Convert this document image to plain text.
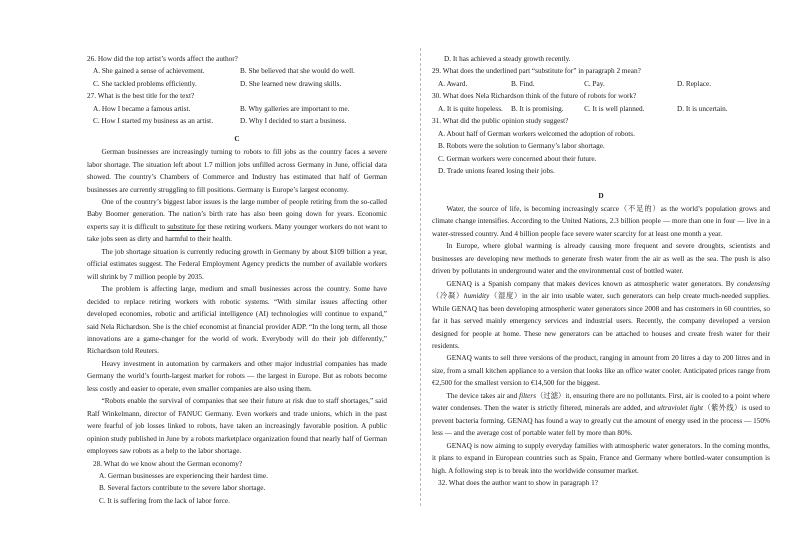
26. How did the top artist’s words affect the author?

A. She gained a sense of achievement.	B. She believed that she would do well.
C. She tackled problems efficiently.	D. She learned new drawing skills.

27. What is the best title for the text?

A. How I became a famous artist.	B. Why galleries are important to me.
C. How I started my business as an artist.	D. Why I decided to start a business.
C

German businesses are increasingly turning to robots to fill jobs as the country faces a severe labor shortage. The situation left about 1.7 million jobs unfilled across Germany in June, official data showed. The country’s Chambers of Commerce and Industry has estimated that half of German businesses are currently struggling to fill positions. Germany is Europe’s largest economy.

One of the country’s biggest labor issues is the large number of people retiring from the so-called Baby Boomer generation. The nation’s birth rate has also been going down for years. Economic experts say it is difficult to substitute for these retiring workers. Many younger workers do not want to take jobs seen as dirty and harmful to their health.

The job shortage situation is currently reducing growth in Germany by about $109 billion a year, official estimates suggest. The Federal Employment Agency predicts the number of available workers will shrink by 7 million people by 2035.

The problem is affecting large, medium and small businesses across the country. Some have decided to replace retiring workers with robotic systems. “With similar issues affecting other developed economies, robotic and artificial intelligence (AI) technologies will continue to expand,” said Nela Richardson. She is the chief economist at financial provider ADP. “In the long term, all those innovations are a game-changer for the world of work. Everybody will do their job differently,” Richardson told Reuters.

Heavy investment in automation by carmakers and other major industrial companies has made Germany the world’s fourth-largest market for robots — the largest in Europe. But as robots become less costly and easier to operate, even smaller companies are also using them.

“Robots enable the survival of companies that see their future at risk due to staff shortages,” said Ralf Winkelmann, director of FANUC Germany. Even workers and trade unions, which in the past were fearful of job losses linked to robots, have taken an increasingly favorable position. A public opinion study published in June by a robots marketplace organization found that nearly half of German employees saw robots as a help to the labor shortage.

28. What do we know about the German economy?

A. German businesses are experiencing their hardest time.

B. Several factors contribute to the severe labor shortage.

C. It is suffering from the lack of labor force.

D. It has achieved a steady growth recently.

29. What does the underlined part “substitute for” in paragraph 2 mean?

A. Award.	B. Find.	C. Pay.	D. Replace.

30. What does Nela Richardson think of the future of robots for work?

A. It is quite hopeless.	B. It is promising.	C. It is well planned.	D. It is uncertain.

31. What did the public opinion study suggest?

A. About half of German workers welcomed the adoption of robots.

B. Robots were the solution to Germany’s labor shortage.

C. German workers were concerned about their future.

D. Trade unions feared losing their jobs.

D

Water, the source of life, is becoming increasingly scarce（不足的）as the world’s population grows and climate change intensifies. According to the United Nations, 2.3 billion people — more than one in four — live in a water-stressed country. And 4 billion people face severe water scarcity for at least one month a year.

In Europe, where global warming is already causing more frequent and severe droughts, scientists and businesses are developing new methods to generate fresh water from the air as well as the sea. The push is also driven by pollutants in underground water and the environmental cost of bottled water.

GENAQ is a Spanish company that makes devices known as atmospheric water generators. By condensing（冷凝）humidity（湿度）in the air into usable water, such generators can help create much-needed supplies. While GENAQ has been developing atmospheric water generators since 2008 and has customers in 60 countries, so far it has served mainly emergency services and industrial users. Recently, the company developed a version designed for people at home. These new generators can be attached to houses and create fresh water for their residents.

GENAQ wants to sell three versions of the product, ranging in amount from 20 litres a day to 200 litres and in size, from a small kitchen appliance to a version that looks like an office water cooler. Anticipated prices range from €2,500 for the smallest version to €14,500 for the biggest.

The device takes air and filters（过滤）it, ensuring there are no pollutants. First, air is cooled to a point where water condenses. Then the water is strictly filtered, minerals are added, and ultraviolet light（紫外线）is used to prevent bacteria forming. GENAQ has found a way to greatly cut the amount of energy used in the process — 150% less — and the average cost of portable water fell by more than 80%.

GENAQ is now aiming to supply everyday families with atmospheric water generators. In the coming months, it plans to expand in European countries such as Spain, France and Germany where bottled-water consumption is high. A following step is to break into the worldwide consumer market.

32. What does the author want to show in paragraph 1?
